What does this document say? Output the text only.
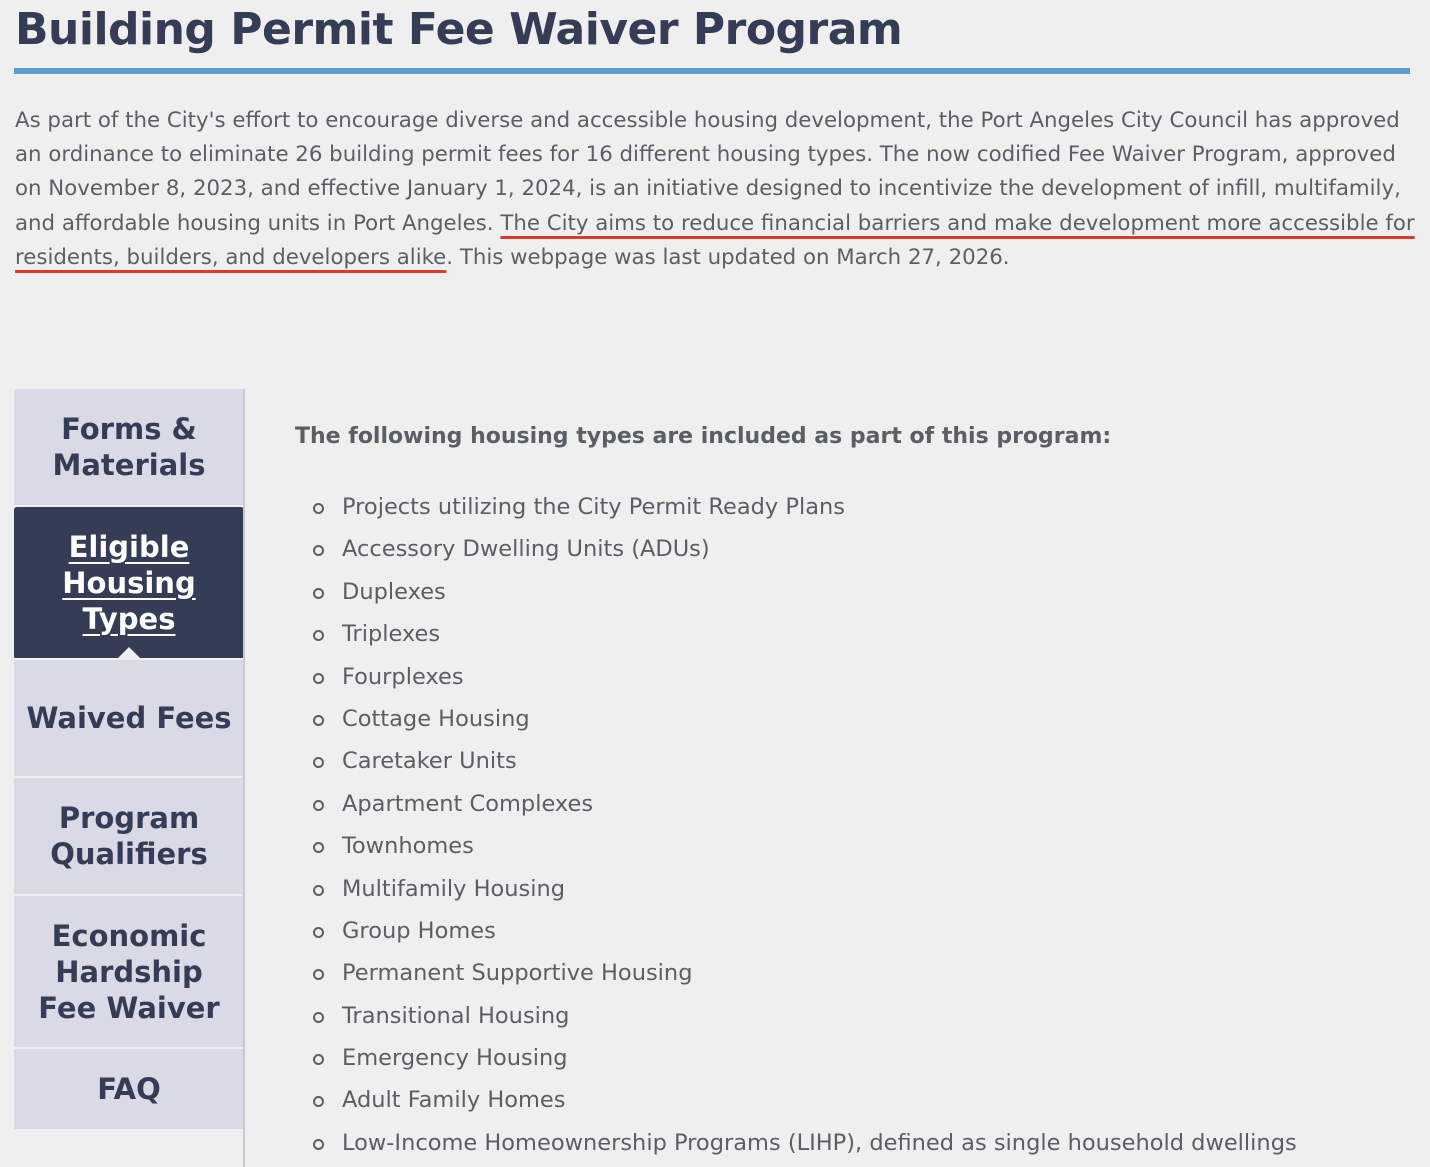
Building Permit Fee Waiver Program

As part of the City's effort to encourage diverse and accessible housing development, the Port Angeles City Council has approved an ordinance to eliminate 26 building permit fees for 16 different housing types. The now codified Fee Waiver Program, approved on November 8, 2023, and effective January 1, 2024, is an initiative designed to incentivize the development of infill, multifamily, and affordable housing units in Port Angeles. The City aims to reduce financial barriers and make development more accessible for residents, builders, and developers alike. This webpage was last updated on March 27, 2026.

Forms & Materials
Eligible Housing Types
Waived Fees
Program Qualifiers
Economic Hardship Fee Waiver
FAQ
The following housing types are included as part of this program:
Projects utilizing the City Permit Ready Plans
Accessory Dwelling Units (ADUs)
Duplexes
Triplexes
Fourplexes
Cottage Housing
Caretaker Units
Apartment Complexes
Townhomes
Multifamily Housing
Group Homes
Permanent Supportive Housing
Transitional Housing
Emergency Housing
Adult Family Homes
Low-Income Homeownership Programs (LIHP), defined as single household dwellings
